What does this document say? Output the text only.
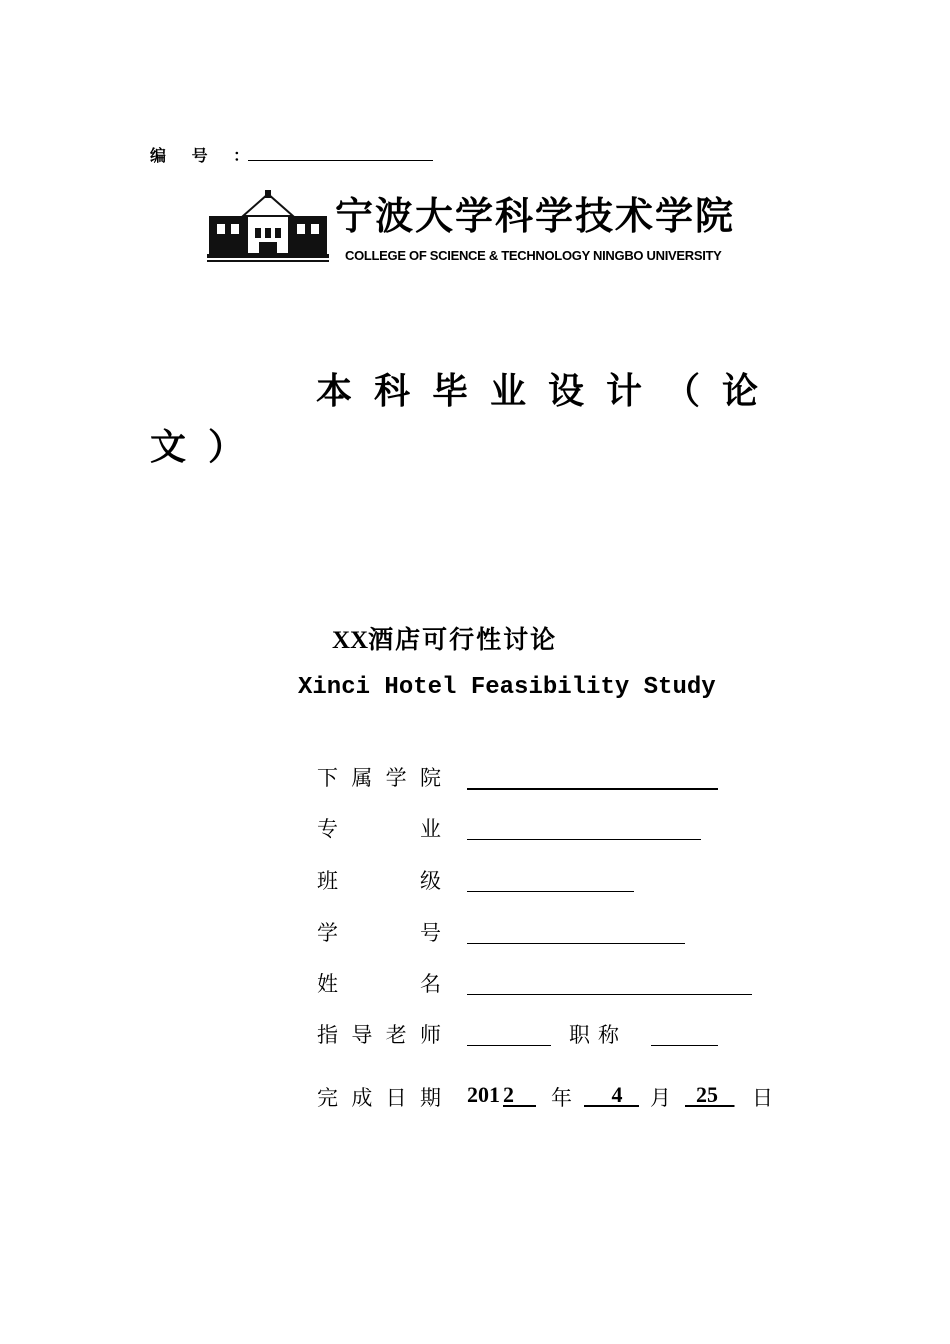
编 号 ：
宁波大学科学技术学院
COLLEGE OF SCIENCE & TECHNOLOGY NINGBO UNIVERSITY
本科毕业设计（论
文）
XX酒店可行性讨论
Xinci Hotel Feasibility Study
下 属 学 院
专	业
班	级
学	号
姓	名
指 导 老 师	职称
完 成 日 期 201 2	年	4	月	25	日
